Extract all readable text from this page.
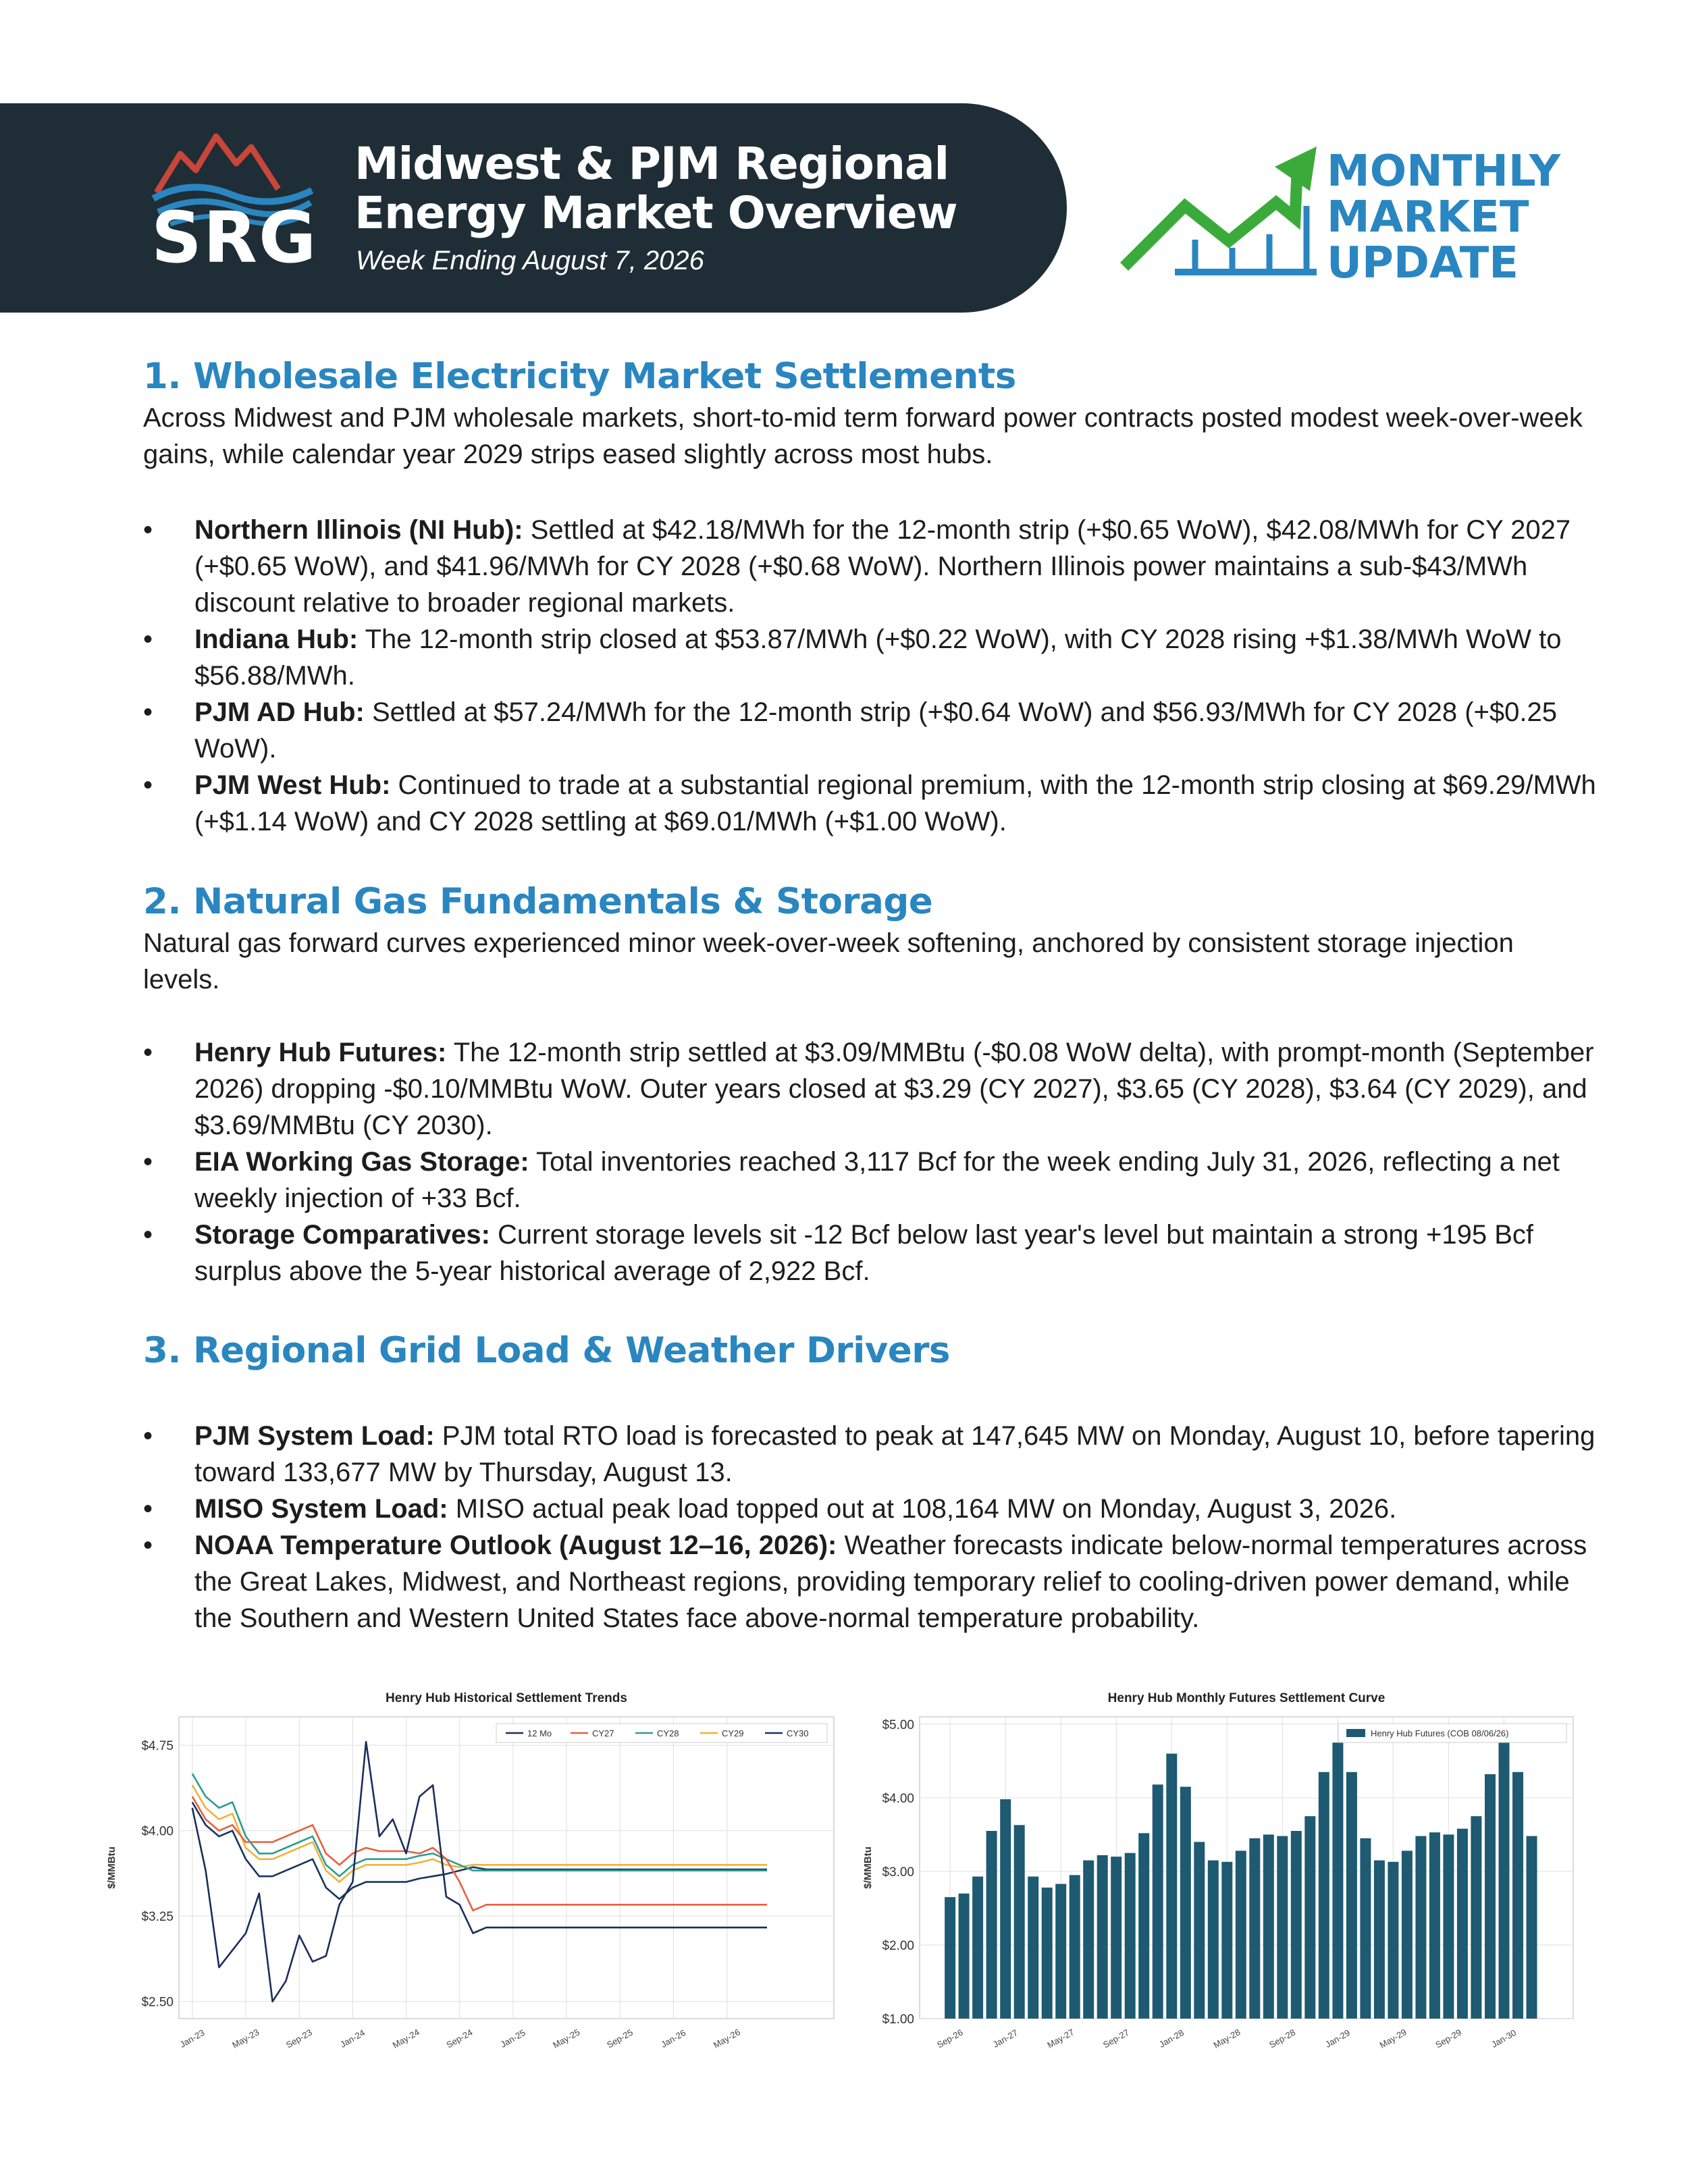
SRG
Midwest & PJM Regional
Energy Market Overview
Week Ending August 7, 2026
MONTHLY
MARKET
UPDATE
1. Wholesale Electricity Market Settlements
Across Midwest and PJM wholesale markets, short-to-mid term forward power contracts posted modest week-over-week gains, while calendar year 2029 strips eased slightly across most hubs.
• Northern Illinois (NI Hub): Settled at $42.18/MWh for the 12-month strip (+$0.65 WoW), $42.08/MWh for CY 2027 (+$0.65 WoW), and $41.96/MWh for CY 2028 (+$0.68 WoW). Northern Illinois power maintains a sub-$43/MWh discount relative to broader regional markets.
• Indiana Hub: The 12-month strip closed at $53.87/MWh (+$0.22 WoW), with CY 2028 rising +$1.38/MWh WoW to $56.88/MWh.
• PJM AD Hub: Settled at $57.24/MWh for the 12-month strip (+$0.64 WoW) and $56.93/MWh for CY 2028 (+$0.25 WoW).
• PJM West Hub: Continued to trade at a substantial regional premium, with the 12-month strip closing at $69.29/MWh (+$1.14 WoW) and CY 2028 settling at $69.01/MWh (+$1.00 WoW).
2. Natural Gas Fundamentals & Storage
Natural gas forward curves experienced minor week-over-week softening, anchored by consistent storage injection levels.
• Henry Hub Futures: The 12-month strip settled at $3.09/MMBtu (-$0.08 WoW delta), with prompt-month (September 2026) dropping -$0.10/MMBtu WoW. Outer years closed at $3.29 (CY 2027), $3.65 (CY 2028), $3.64 (CY 2029), and $3.69/MMBtu (CY 2030).
• EIA Working Gas Storage: Total inventories reached 3,117 Bcf for the week ending July 31, 2026, reflecting a net weekly injection of +33 Bcf.
• Storage Comparatives: Current storage levels sit -12 Bcf below last year's level but maintain a strong +195 Bcf surplus above the 5-year historical average of 2,922 Bcf.
3. Regional Grid Load & Weather Drivers
• PJM System Load: PJM total RTO load is forecasted to peak at 147,645 MW on Monday, August 10, before tapering toward 133,677 MW by Thursday, August 13.
• MISO System Load: MISO actual peak load topped out at 108,164 MW on Monday, August 3, 2026.
• NOAA Temperature Outlook (August 12–16, 2026): Weather forecasts indicate below-normal temperatures across the Great Lakes, Midwest, and Northeast regions, providing temporary relief to cooling-driven power demand, while the Southern and Western United States face above-normal temperature probability.
Henry Hub Historical Settlement Trends
$2.50
$3.25
$4.00
$4.75
Jan-23	May-23	Sep-23	Jan-24	May-24	Sep-24	Jan-25	May-25	Sep-25	Jan-26	May-26
$/MMBtu
12 Mo	CY27	CY28	CY29	CY30
Henry Hub Monthly Futures Settlement Curve
$1.00
$2.00
$3.00
$4.00
$5.00
Sep-26	Jan-27	May-27	Sep-27	Jan-28	May-28	Sep-28	Jan-29	May-29	Sep-29	Jan-30
$/MMBtu
Henry Hub Futures (COB 08/06/26)
